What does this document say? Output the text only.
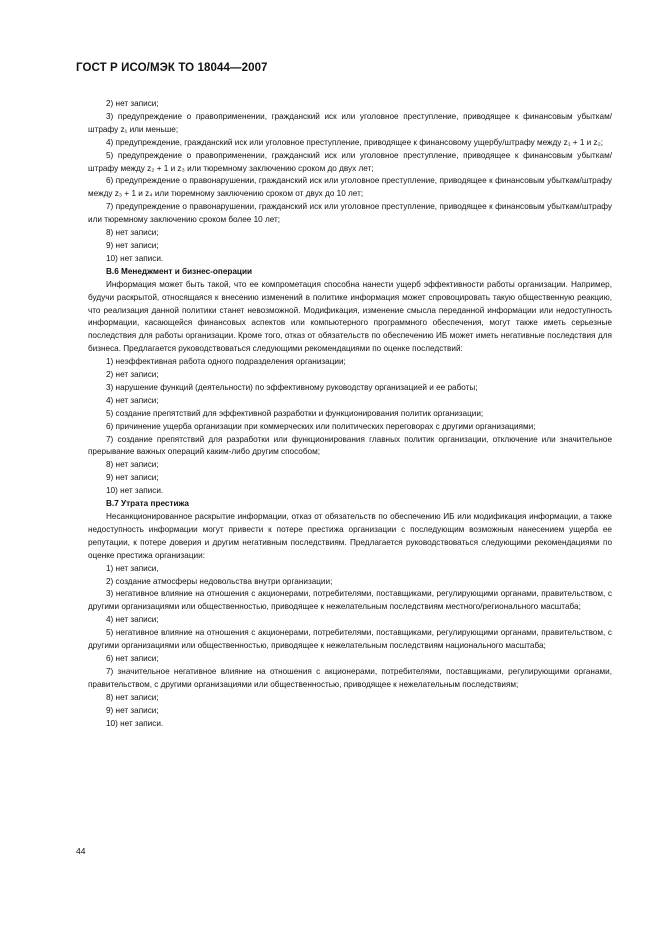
ГОСТ Р ИСО/МЭК ТО 18044—2007

2) нет записи;

3) предупреждение о правоприменении, гражданский иск или уголовное преступление, приводящее к финансовым убыткам/штрафу z₁ или меньше;

4) предупреждение, гражданский иск или уголовное преступление, приводящее к финансовому ущербу/штрафу между z₁ + 1 и z₂;

5) предупреждение о правоприменении, гражданский иск или уголовное преступление, приводящее к финансовым убыткам/штрафу между z₂ + 1 и z₃ или тюремному заключению сроком до двух лет;

6) предупреждение о правонарушении, гражданский иск или уголовное преступление, приводящее к финансовым убыткам/штрафу между z₃ + 1 и z₄ или тюремному заключению сроком от двух до 10 лет;

7) предупреждение о правонарушении, гражданский иск или уголовное преступление, приводящее к финансовым убыткам/штрафу или тюремному заключению сроком более 10 лет;

8) нет записи;

9) нет записи;

10) нет записи.

B.6 Менеджмент и бизнес-операции

Информация может быть такой, что ее компрометация способна нанести ущерб эффективности работы организации. Например, будучи раскрытой, относящаяся к внесению изменений в политике информация может спровоцировать такую общественную реакцию, что реализация данной политики станет невозможной. Модификация, изменение смысла переданной информации или недоступность информации, касающейся финансовых аспектов или компьютерного программного обеспечения, могут также иметь серьезные последствия для работы организации. Кроме того, отказ от обязательств по обеспечению ИБ может иметь негативные последствия для бизнеса. Предлагается руководствоваться следующими рекомендациями по оценке последствий:

1) неэффективная работа одного подразделения организации;

2) нет записи;

3) нарушение функций (деятельности) по эффективному руководству организацией и ее работы;

4) нет записи;

5) создание препятствий для эффективной разработки и функционирования политик организации;

6) причинение ущерба организации при коммерческих или политических переговорах с другими организациями;

7) создание препятствий для разработки или функционирования главных политик организации, отключение или значительное прерывание важных операций каким-либо другим способом;

8) нет записи;

9) нет записи;

10) нет записи.

B.7 Утрата престижа

Несанкционированное раскрытие информации, отказ от обязательств по обеспечению ИБ или модификация информации, а также недоступность информации могут привести к потере престижа организации с последующим возможным нанесением ущерба ее репутации, к потере доверия и другим негативным последствиям. Предлагается руководствоваться следующими рекомендациями по оценке престижа организации:

1) нет записи,

2) создание атмосферы недовольства внутри организации;

3) негативное влияние на отношения с акционерами, потребителями, поставщиками, регулирующими органами, правительством, с другими организациями или общественностью, приводящее к нежелательным последствиям местного/регионального масштаба;

4) нет записи;

5) негативное влияние на отношения с акционерами, потребителями, поставщиками, регулирующими органами, правительством, с другими организациями или общественностью, приводящее к нежелательным последствиям национального масштаба;

6) нет записи;

7) значительное негативное влияние на отношения с акционерами, потребителями, поставщиками, регулирующими органами, правительством, с другими организациями или общественностью, приводящее к нежелательным последствиям;

8) нет записи;

9) нет записи;

10) нет записи.

44
